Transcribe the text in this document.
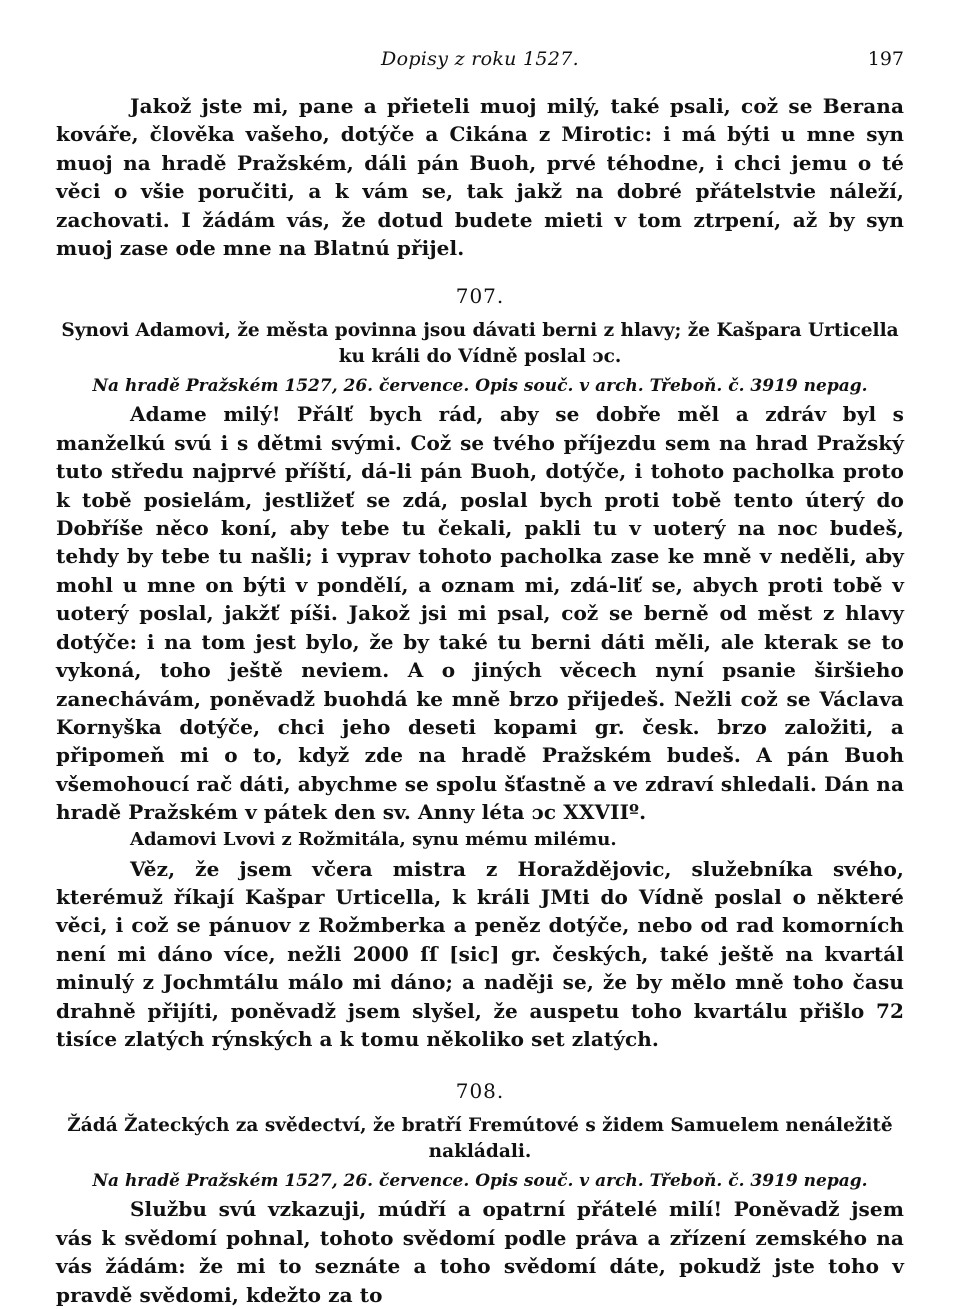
Dopisy z roku 1527.	197

Jakož jste mi, pane a přieteli muoj milý, také psali, což se Berana kováře, člověka vašeho, dotýče a Cikána z Mirotic: i má býti u mne syn muoj na hradě Pražském, dáli pán Buoh, prvé téhodne, i chci jemu o té věci o všie poručiti, a k vám se, tak jakž na dobré přátelstvie náleží, zachovati. I žádám vás, že dotud budete mieti v tom ztrpení, až by syn muoj zase ode mne na Blatnú přijel.

707.
Synovi Adamovi, že města povinna jsou dávati berni z hlavy; že Kašpara Urticella ku králi do Vídně poslal ɔc.
Na hradě Pražském 1527, 26. července. Opis souč. v arch. Třeboň. č. 3919 nepag.

Adame milý! Přálť bych rád, aby se dobře měl a zdráv byl s manželkú svú i s dětmi svými. Což se tvého příjezdu sem na hrad Pražský tuto středu najprvé příští, dá-li pán Buoh, dotýče, i tohoto pacholka proto k tobě posielám, jestližeť se zdá, poslal bych proti tobě tento úterý do Dobříše něco koní, aby tebe tu čekali, pakli tu v uoterý na noc budeš, tehdy by tebe tu našli; i vyprav tohoto pacholka zase ke mně v neděli, aby mohl u mne on býti v pondělí, a oznam mi, zdá-liť se, abych proti tobě v uoterý poslal, jakžť píši. Jakož jsi mi psal, což se berně od měst z hlavy dotýče: i na tom jest bylo, že by také tu berni dáti měli, ale kterak se to vykoná, toho ještě neviem. A o jiných věcech nyní psanie širšieho zanechávám, poněvadž buohdá ke mně brzo přijedeš. Nežli což se Václava Kornyška dotýče, chci jeho deseti kopami gr. česk. brzo založiti, a připomeň mi o to, když zde na hradě Pražském budeš. A pán Buoh všemohoucí rač dáti, abychme se spolu šťastně a ve zdraví shledali. Dán na hradě Pražském v pátek den sv. Anny léta ɔc XXVIIº.

Adamovi Lvovi z Rožmitála, synu mému milému.

Věz, že jsem včera mistra z Horaždějovic, služebníka svého, kterémuž říkají Kašpar Urticella, k králi JMti do Vídně poslal o některé věci, i což se pánuov z Rožmberka a peněz dotýče, nebo od rad komorních není mi dáno více, nežli 2000 ſſ [sic] gr. českých, také ještě na kvartál minulý z Jochmtálu málo mi dáno; a naději se, že by mělo mně toho času drahně přijíti, poněvadž jsem slyšel, že auspetu toho kvartálu přišlo 72 tisíce zlatých rýnských a k tomu několiko set zlatých.

708.
Žádá Žateckých za svědectví, že bratří Fremútové s židem Samuelem nenáležitě nakládali.
Na hradě Pražském 1527, 26. července. Opis souč. v arch. Třeboň. č. 3919 nepag.

Službu svú vzkazuji, múdří a opatrní přátelé milí! Poněvadž jsem vás k svědomí pohnal, tohoto svědomí podle práva a zřízení zemského na vás žádám: že mi to seznáte a toho svědomí dáte, pokudž jste toho v pravdě svědomi, kdežto za to
